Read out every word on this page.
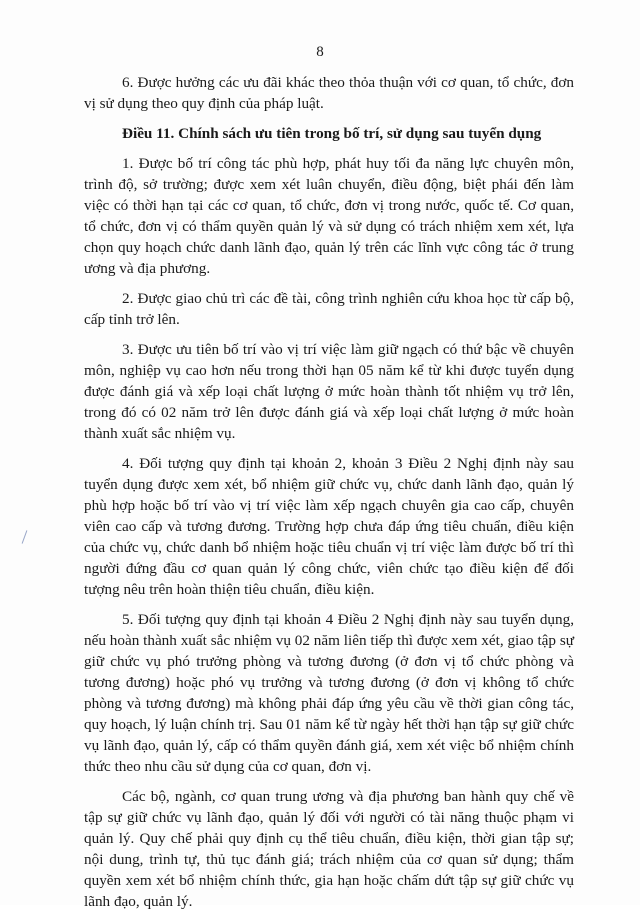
8

6. Được hưởng các ưu đãi khác theo thỏa thuận với cơ quan, tổ chức, đơn vị sử dụng theo quy định của pháp luật.

Điều 11. Chính sách ưu tiên trong bố trí, sử dụng sau tuyển dụng

1. Được bố trí công tác phù hợp, phát huy tối đa năng lực chuyên môn, trình độ, sở trường; được xem xét luân chuyển, điều động, biệt phái đến làm việc có thời hạn tại các cơ quan, tổ chức, đơn vị trong nước, quốc tế. Cơ quan, tổ chức, đơn vị có thẩm quyền quản lý và sử dụng có trách nhiệm xem xét, lựa chọn quy hoạch chức danh lãnh đạo, quản lý trên các lĩnh vực công tác ở trung ương và địa phương.

2. Được giao chủ trì các đề tài, công trình nghiên cứu khoa học từ cấp bộ, cấp tỉnh trở lên.

3. Được ưu tiên bố trí vào vị trí việc làm giữ ngạch có thứ bậc về chuyên môn, nghiệp vụ cao hơn nếu trong thời hạn 05 năm kể từ khi được tuyển dụng được đánh giá và xếp loại chất lượng ở mức hoàn thành tốt nhiệm vụ trở lên, trong đó có 02 năm trở lên được đánh giá và xếp loại chất lượng ở mức hoàn thành xuất sắc nhiệm vụ.

4. Đối tượng quy định tại khoản 2, khoản 3 Điều 2 Nghị định này sau tuyển dụng được xem xét, bổ nhiệm giữ chức vụ, chức danh lãnh đạo, quản lý phù hợp hoặc bố trí vào vị trí việc làm xếp ngạch chuyên gia cao cấp, chuyên viên cao cấp và tương đương. Trường hợp chưa đáp ứng tiêu chuẩn, điều kiện của chức vụ, chức danh bổ nhiệm hoặc tiêu chuẩn vị trí việc làm được bố trí thì người đứng đầu cơ quan quản lý công chức, viên chức tạo điều kiện để đối tượng nêu trên hoàn thiện tiêu chuẩn, điều kiện.

5. Đối tượng quy định tại khoản 4 Điều 2 Nghị định này sau tuyển dụng, nếu hoàn thành xuất sắc nhiệm vụ 02 năm liên tiếp thì được xem xét, giao tập sự giữ chức vụ phó trưởng phòng và tương đương (ở đơn vị tổ chức phòng và tương đương) hoặc phó vụ trưởng và tương đương (ở đơn vị không tổ chức phòng và tương đương) mà không phải đáp ứng yêu cầu về thời gian công tác, quy hoạch, lý luận chính trị. Sau 01 năm kể từ ngày hết thời hạn tập sự giữ chức vụ lãnh đạo, quản lý, cấp có thẩm quyền đánh giá, xem xét việc bổ nhiệm chính thức theo nhu cầu sử dụng của cơ quan, đơn vị.

Các bộ, ngành, cơ quan trung ương và địa phương ban hành quy chế về tập sự giữ chức vụ lãnh đạo, quản lý đối với người có tài năng thuộc phạm vi quản lý. Quy chế phải quy định cụ thể tiêu chuẩn, điều kiện, thời gian tập sự; nội dung, trình tự, thủ tục đánh giá; trách nhiệm của cơ quan sử dụng; thẩm quyền xem xét bổ nhiệm chính thức, gia hạn hoặc chấm dứt tập sự giữ chức vụ lãnh đạo, quản lý.
